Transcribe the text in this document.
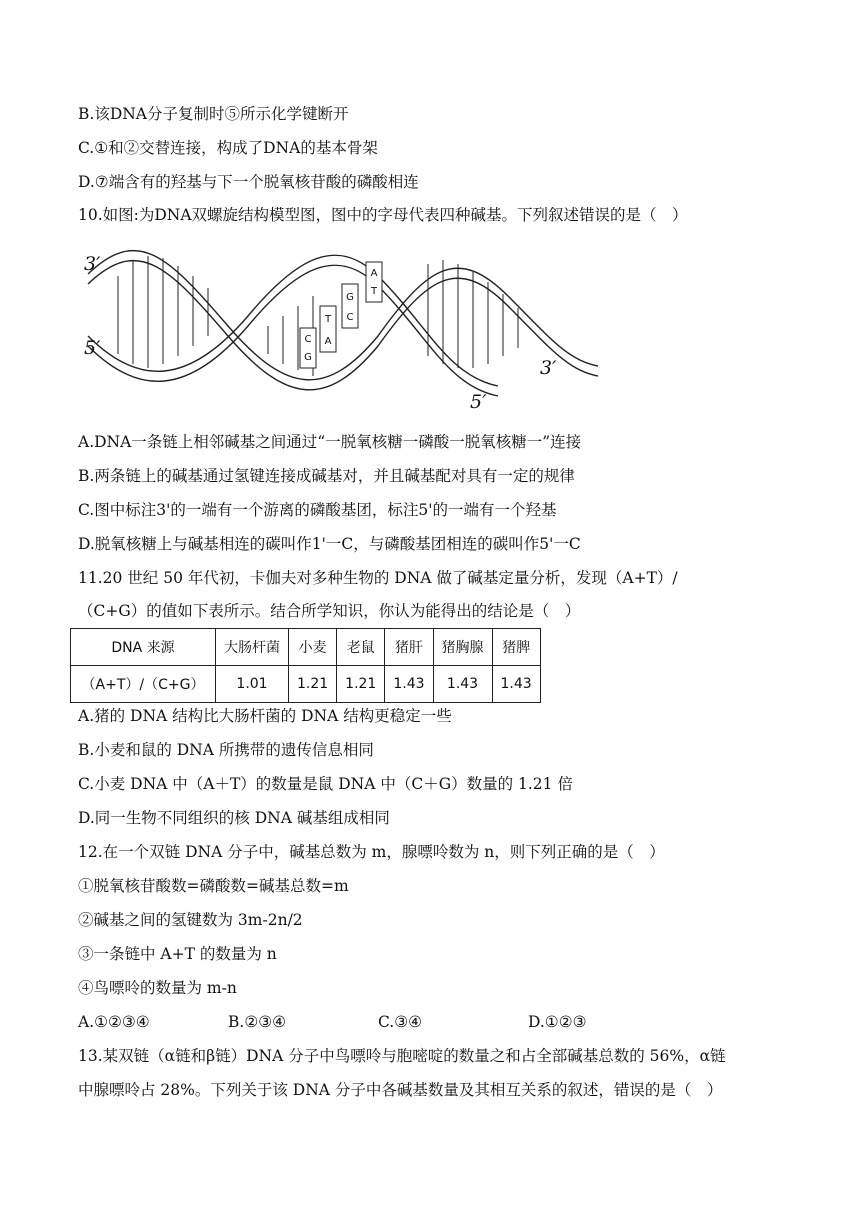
B.该DNA分子复制时⑤所示化学键断开
C.①和②交替连接，构成了DNA的基本骨架
D.⑦端含有的羟基与下一个脱氧核苷酸的磷酸相连
10.如图:为DNA双螺旋结构模型图，图中的字母代表四种碱基。下列叙述错误的是（　）
A
T
G
C
T
A
C
G
3′
5′
3′
5′
A.DNA一条链上相邻碱基之间通过“一脱氧核糖一磷酸一脱氧核糖一”连接
B.两条链上的碱基通过氢键连接成碱基对，并且碱基配对具有一定的规律
C.图中标注3'的一端有一个游离的磷酸基团，标注5'的一端有一个羟基
D.脱氧核糖上与碱基相连的碳叫作1'一C，与磷酸基团相连的碳叫作5'一C
11.20 世纪 50 年代初，卡伽夫对多种生物的 DNA 做了碱基定量分析，发现（A+T）/
（C+G）的值如下表所示。结合所学知识，你认为能得出的结论是（　）
DNA 来源	大肠杆菌	小麦	老鼠	猪肝	猪胸腺	猪脾
（A+T）/（C+G）	1.01	1.21	1.21	1.43	1.43	1.43
A.猪的 DNA 结构比大肠杆菌的 DNA 结构更稳定一些
B.小麦和鼠的 DNA 所携带的遗传信息相同
C.小麦 DNA 中（A＋T）的数量是鼠 DNA 中（C＋G）数量的 1.21 倍
D.同一生物不同组织的核 DNA 碱基组成相同
12.在一个双链 DNA 分子中，碱基总数为 m，腺嘌呤数为 n，则下列正确的是（　）
①脱氧核苷酸数=磷酸数=碱基总数=m
②碱基之间的氢键数为 3m-2n/2
③一条链中 A+T 的数量为 n
④鸟嘌呤的数量为 m-n
A.①②③④	B.②③④	C.③④	D.①②③
13.某双链（α链和β链）DNA 分子中鸟嘌呤与胞嘧啶的数量之和占全部碱基总数的 56%，α链
中腺嘌呤占 28%。下列关于该 DNA 分子中各碱基数量及其相互关系的叙述，错误的是（　）
